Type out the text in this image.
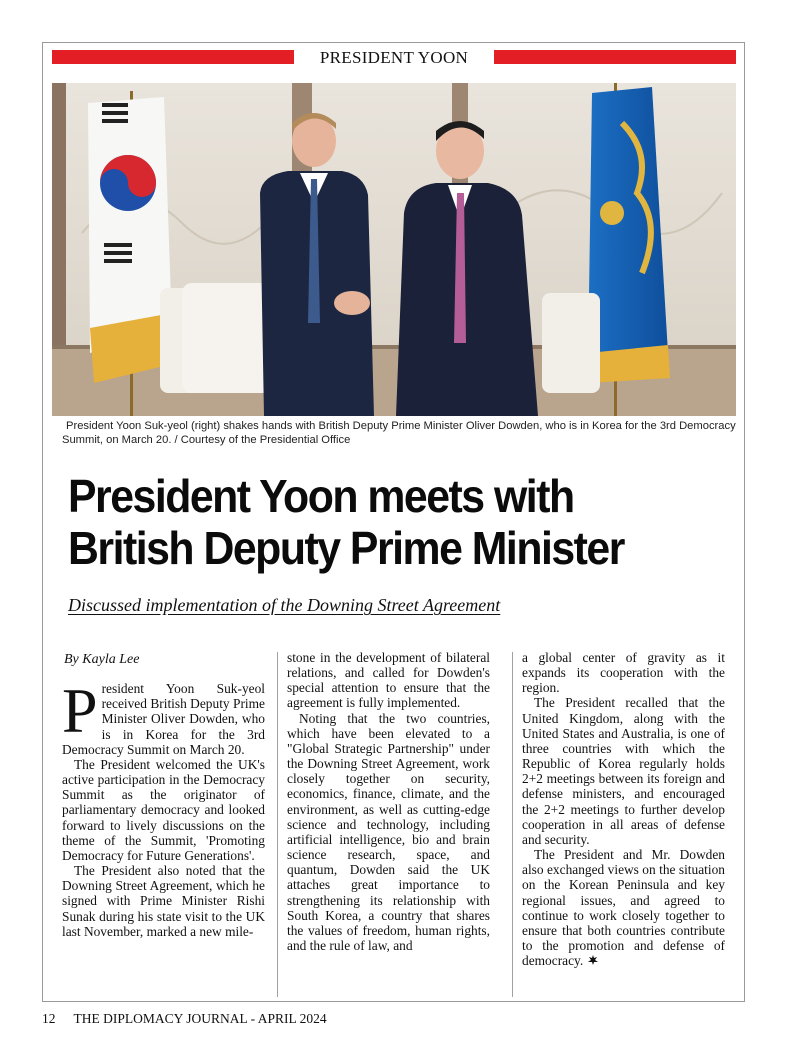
PRESIDENT YOON
President Yoon Suk-yeol (right) shakes hands with British Deputy Prime Minister Oliver Dowden, who is in Korea for the 3rd Democracy Summit, on March 20. / Courtesy of the Presidential Office
President Yoon meets with
British Deputy Prime Minister
Discussed implementation of the Downing Street Agreement

By Kayla Lee

President Yoon Suk-yeol received British Deputy Prime Minister Oliver Dowden, who is in Korea for the 3rd Democracy Summit on March 20.

The President welcomed the UK's active participation in the Democracy Summit as the originator of parliamentary democracy and looked forward to lively discussions on the theme of the Summit, 'Promoting Democracy for Future Generations'.

The President also noted that the Downing Street Agreement, which he signed with Prime Minister Rishi Sunak during his state visit to the UK last November, marked a new mile-

stone in the development of bilateral relations, and called for Dowden's special attention to ensure that the agreement is fully implemented.

Noting that the two countries, which have been elevated to a "Global Strategic Partnership" under the Downing Street Agreement, work closely together on security, economics, finance, climate, and the environment, as well as cutting-edge science and technology, including artificial intelligence, bio and brain science research, space, and quantum, Dowden said the UK attaches great importance to strengthening its relationship with South Korea, a country that shares the values of freedom, human rights, and the rule of law, and

a global center of gravity as it expands its cooperation with the region.

The President recalled that the United Kingdom, along with the United States and Australia, is one of three countries with which the Republic of Korea regularly holds 2+2 meetings between its foreign and defense ministers, and encouraged the 2+2 meetings to further develop cooperation in all areas of defense and security.

The President and Mr. Dowden also exchanged views on the situation on the Korean Peninsula and key regional issues, and agreed to continue to work closely together to ensure that both countries contribute to the promotion and defense of democracy.

12 THE DIPLOMACY JOURNAL - APRIL 2024
